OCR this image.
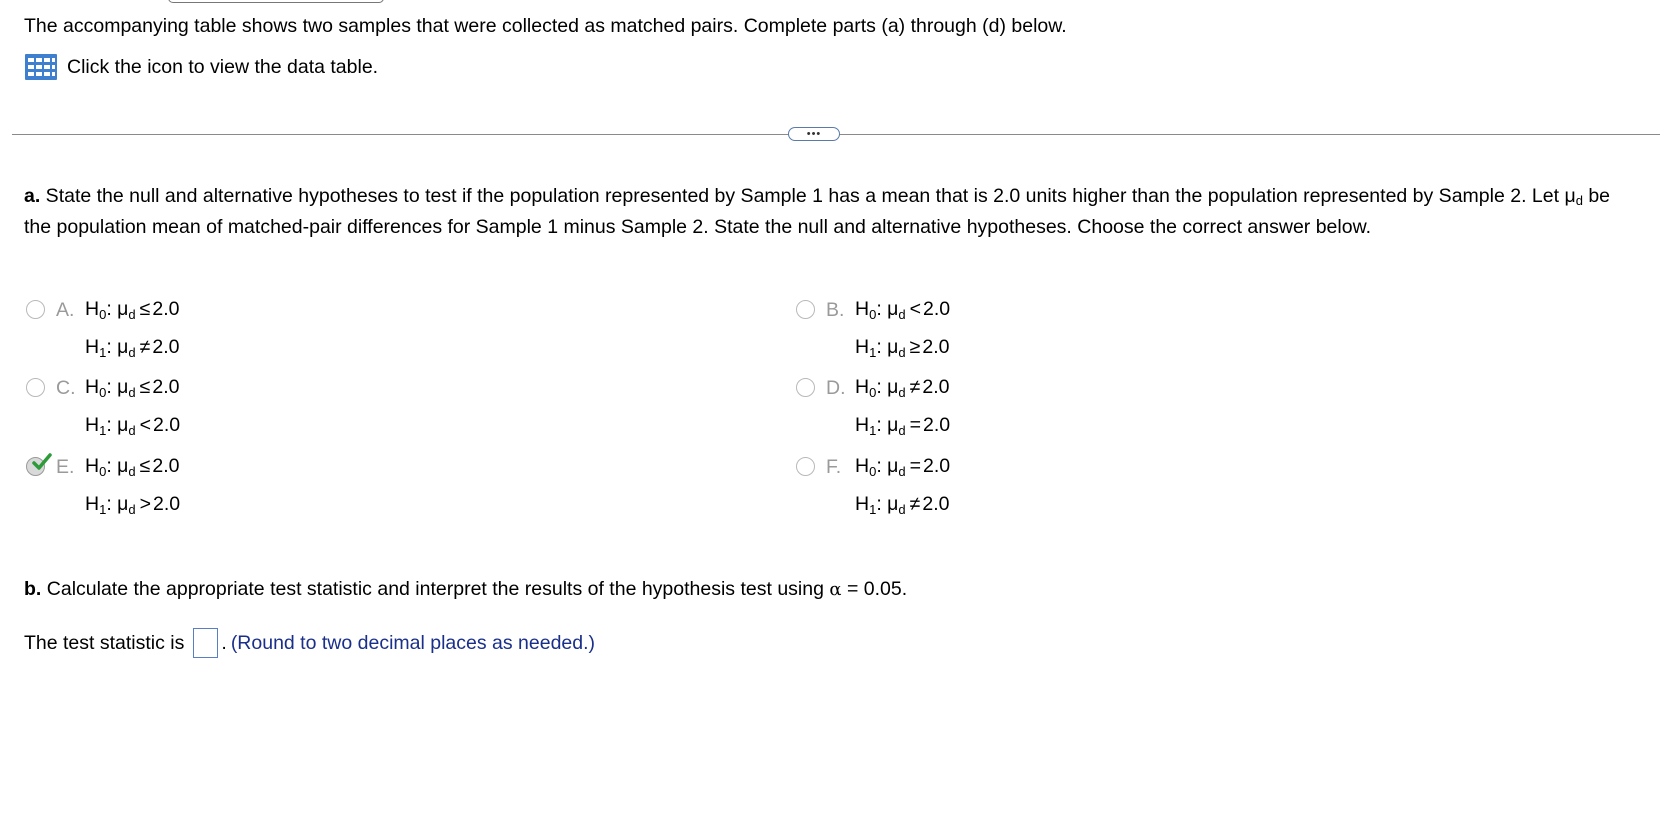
The accompanying table shows two samples that were collected as matched pairs. Complete parts (a) through (d) below.
Click the icon to view the data table.
•••
a. State the null and alternative hypotheses to test if the population represented by Sample 1 has a mean that is 2.0 units higher than the population represented by Sample 2. Let $\mu_d$ be the population mean of matched-pair differences for Sample 1 minus Sample 2. State the null and alternative hypotheses. Choose the correct answer below.
A. $H_0$: $\mu_d \le 2.0$
$H_1$: $\mu_d \ne 2.0$
B. $H_0$: $\mu_d < 2.0$
$H_1$: $\mu_d \ge 2.0$
C. $H_0$: $\mu_d \le 2.0$
$H_1$: $\mu_d < 2.0$
D. $H_0$: $\mu_d \ne 2.0$
$H_1$: $\mu_d = 2.0$
E. $H_0$: $\mu_d \le 2.0$
$H_1$: $\mu_d > 2.0$
F. $H_0$: $\mu_d = 2.0$
$H_1$: $\mu_d \ne 2.0$
b. Calculate the appropriate test statistic and interpret the results of the hypothesis test using α = 0.05.
The test statistic is . (Round to two decimal places as needed.)
